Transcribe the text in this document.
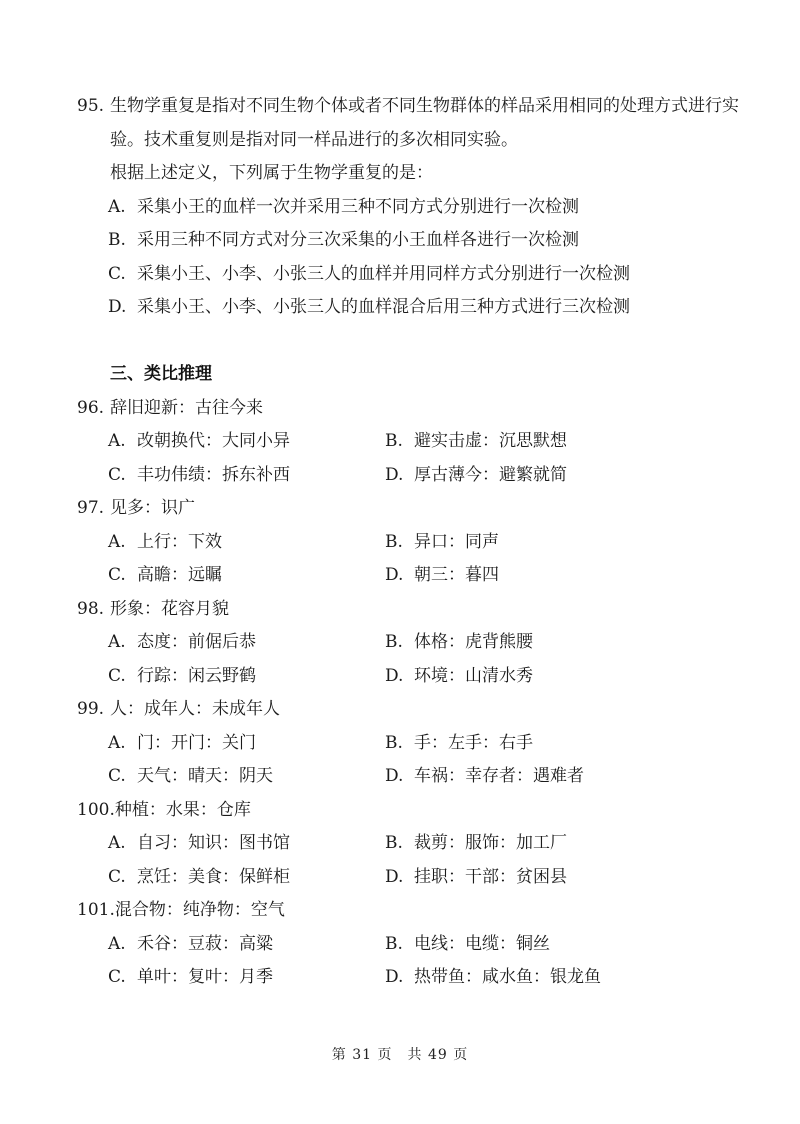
95. 生物学重复是指对不同生物个体或者不同生物群体的样品采用相同的处理方式进行实
验。技术重复则是指对同一样品进行的多次相同实验。
根据上述定义，下列属于生物学重复的是：
A. 采集小王的血样一次并采用三种不同方式分别进行一次检测
B. 采用三种不同方式对分三次采集的小王血样各进行一次检测
C. 采集小王、小李、小张三人的血样并用同样方式分别进行一次检测
D. 采集小王、小李、小张三人的血样混合后用三种方式进行三次检测
三、类比推理
96. 辞旧迎新：古往今来
A. 改朝换代：大同小异	B. 避实击虚：沉思默想
C. 丰功伟绩：拆东补西	D. 厚古薄今：避繁就简
97. 见多：识广
A. 上行：下效	B. 异口：同声
C. 高瞻：远瞩	D. 朝三：暮四
98. 形象：花容月貌
A. 态度：前倨后恭	B. 体格：虎背熊腰
C. 行踪：闲云野鹤	D. 环境：山清水秀
99. 人：成年人：未成年人
A. 门：开门：关门	B. 手：左手：右手
C. 天气：晴天：阴天	D. 车祸：幸存者：遇难者
100.种植：水果：仓库
A. 自习：知识：图书馆	B. 裁剪：服饰：加工厂
C. 烹饪：美食：保鲜柜	D. 挂职：干部：贫困县
101.混合物：纯净物：空气
A. 禾谷：豆菽：高粱	B. 电线：电缆：铜丝
C. 单叶：复叶：月季	D. 热带鱼：咸水鱼：银龙鱼
第 31 页　共 49 页
